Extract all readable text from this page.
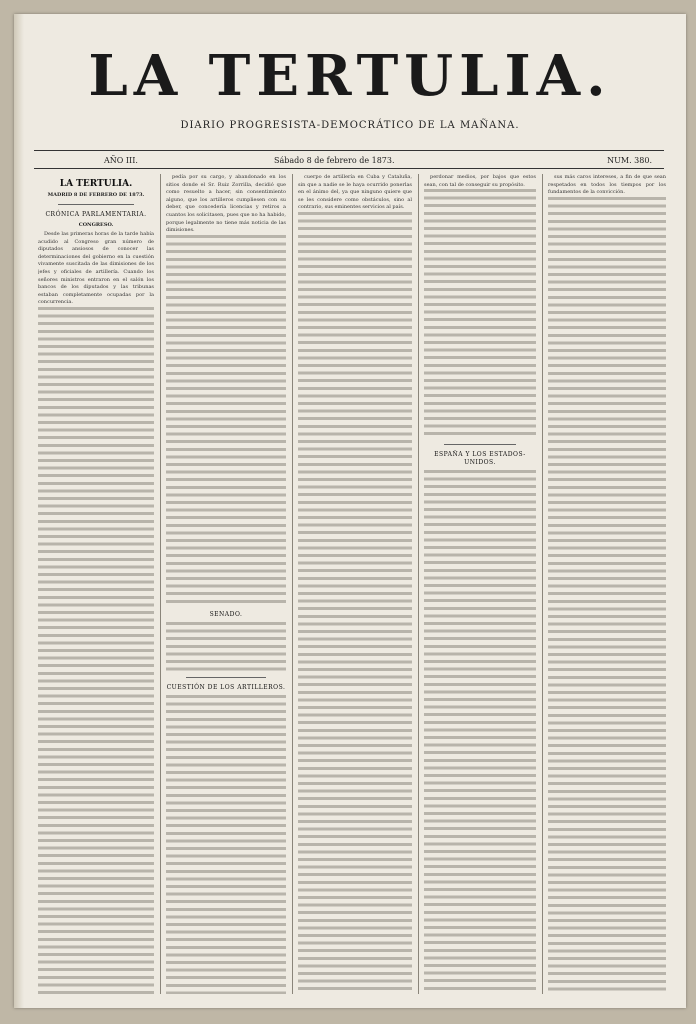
LA TERTULIA.
DIARIO PROGRESISTA-DEMOCRÁTICO DE LA MAÑANA.
AÑO III.	Sábado 8 de febrero de 1873.	NUM. 380.
LA TERTULIA.
MADRID 8 DE FEBRERO DE 1873.
CRÓNICA PARLAMENTARIA.
CONGRESO.

Desde las primeras horas de la tarde había acudido al Congreso gran número de diputados ansiosos de conocer las determinaciones del gobierno en la cuestión vivamente suscitada de las dimisiones de los jefes y oficiales de artillería. Cuando los señores ministros entraron en el salón los bancos de los diputados y las tribunas estaban completamente ocupadas por la concurrencia.

pedía por su cargo, y abandonado en los sitios donde el Sr. Ruiz Zorrilla, decidió que como resuelto a hacer, sin consentimiento alguno, que los artilleros cumpliesen con su deber, que concedería licencias y retiros a cuantos los solicitasen, pues que no ha habido, porque legalmente no tiene más noticia de las dimisiones.

SENADO.
CUESTIÓN DE LOS ARTILLEROS.

cuerpo de artillería en Cuba y Cataluña, sin que a nadie se le haya ocurrido ponerlas en el ánimo del, ya que ninguno quiere que se les considere como obstáculos, sino al contrario, sus eminentes servicios al país.

perdonar medios, por bajos que estos sean, con tal de conseguir su propósito.

ESPAÑA Y LOS ESTADOS-UNIDOS.

sus más caros intereses, a fin de que sean respetados en todos los tiempos por los fundamentos de la convicción.
